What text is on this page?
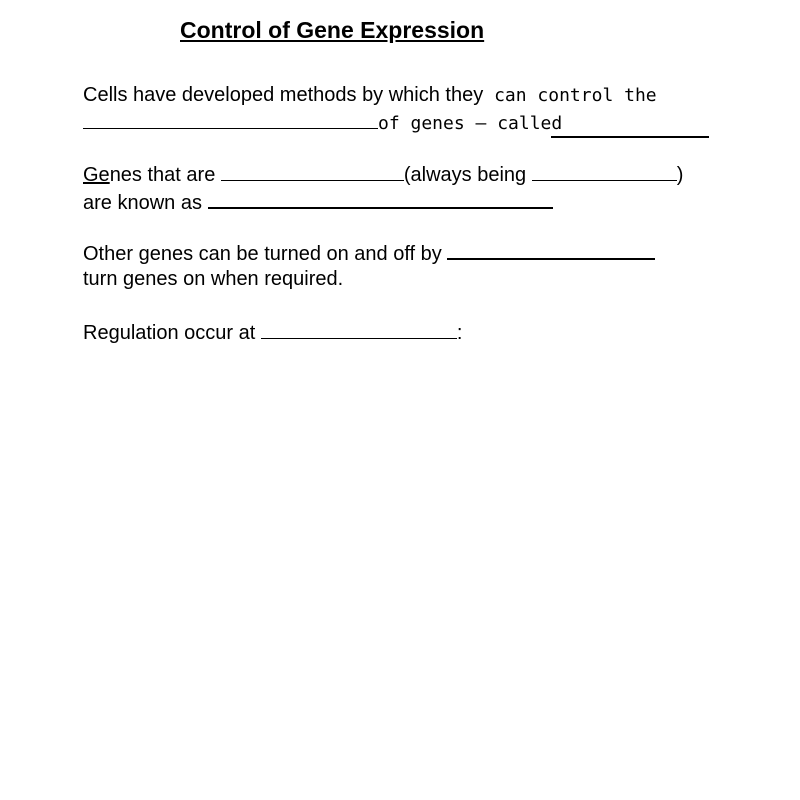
Control of Gene Expression
Cells have developed methods by which they can control the
of genes – called
Genes that are	(always being	)
are known as
Other genes can be turned on and off by
turn genes on when required.
Regulation occur at	:
